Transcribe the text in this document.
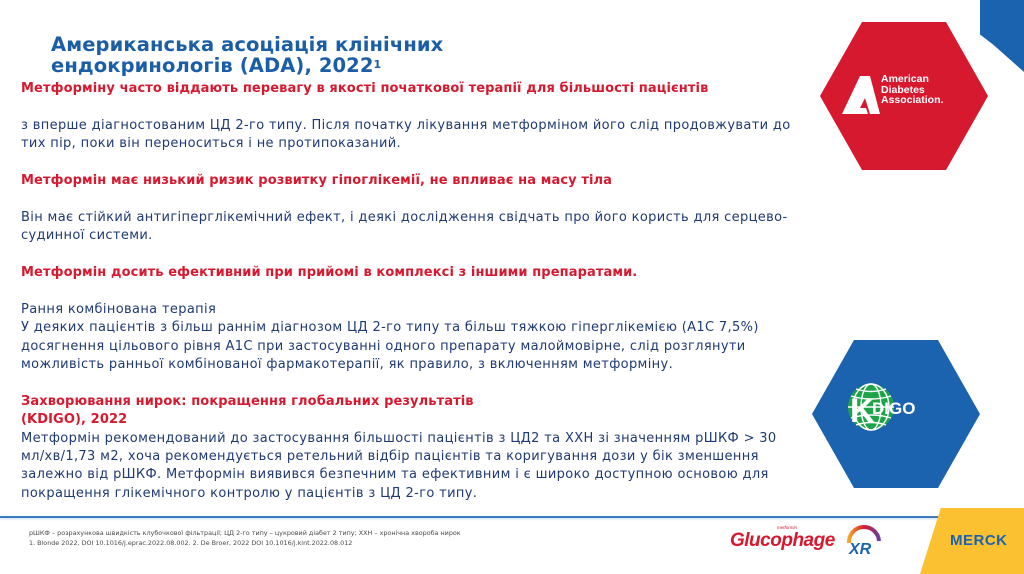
Американська асоціація клінічних
ендокринологів (ADA), 2022$^1$
Метформіну часто віддають перевагу в якості початкової терапії для більшості пацієнтів
з вперше діагностованим ЦД 2-го типу. Після початку лікування метформіном його слід продовжувати до
тих пір, поки він переноситься і не протипоказаний.
Метформін має низький ризик розвитку гіпоглікемії, не впливає на масу тіла
Він має стійкий антигіперглікемічний ефект, і деякі дослідження свідчать про його користь для серцево-
судинної системи.
Метформін досить ефективний при прийомі в комплексі з іншими препаратами.
Рання комбінована терапія
У деяких пацієнтів з більш раннім діагнозом ЦД 2-го типу та більш тяжкою гіперглікемією (A1C 7,5%)
досягнення цільового рівня A1C при застосуванні одного препарату малоймовірне, слід розглянути
можливість ранньої комбінованої фармакотерапії, як правило, з включенням метформіну.
Захворювання нирок: покращення глобальних результатів
(KDIGO), 2022
Метформін рекомендований до застосування більшості пацієнтів з ЦД2 та ХХН зі значенням рШКФ > 30
мл/хв/1,73 м2, хоча рекомендується ретельний відбір пацієнтів та коригування дози у бік зменшення
залежно від рШКФ. Метформін виявився безпечним та ефективним і є широко доступною основою для
покращення глікемічного контролю у пацієнтів з ЦД 2-го типу.
American
Diabetes
Association.
K
DIGO
рШКФ – розрахункова швидкість клубочкової фільтрації; ЦД 2-го типу – цукровий діабет 2 типу; ХХН – хронічна хвороба нирок
1. Blonde 2022, DOI 10.1016/j.eprac.2022.08.002. 2. De Broer, 2022 DOI 10.1016/j.kint.2022.08.012
metformin
Glucophage XR
MERCK
